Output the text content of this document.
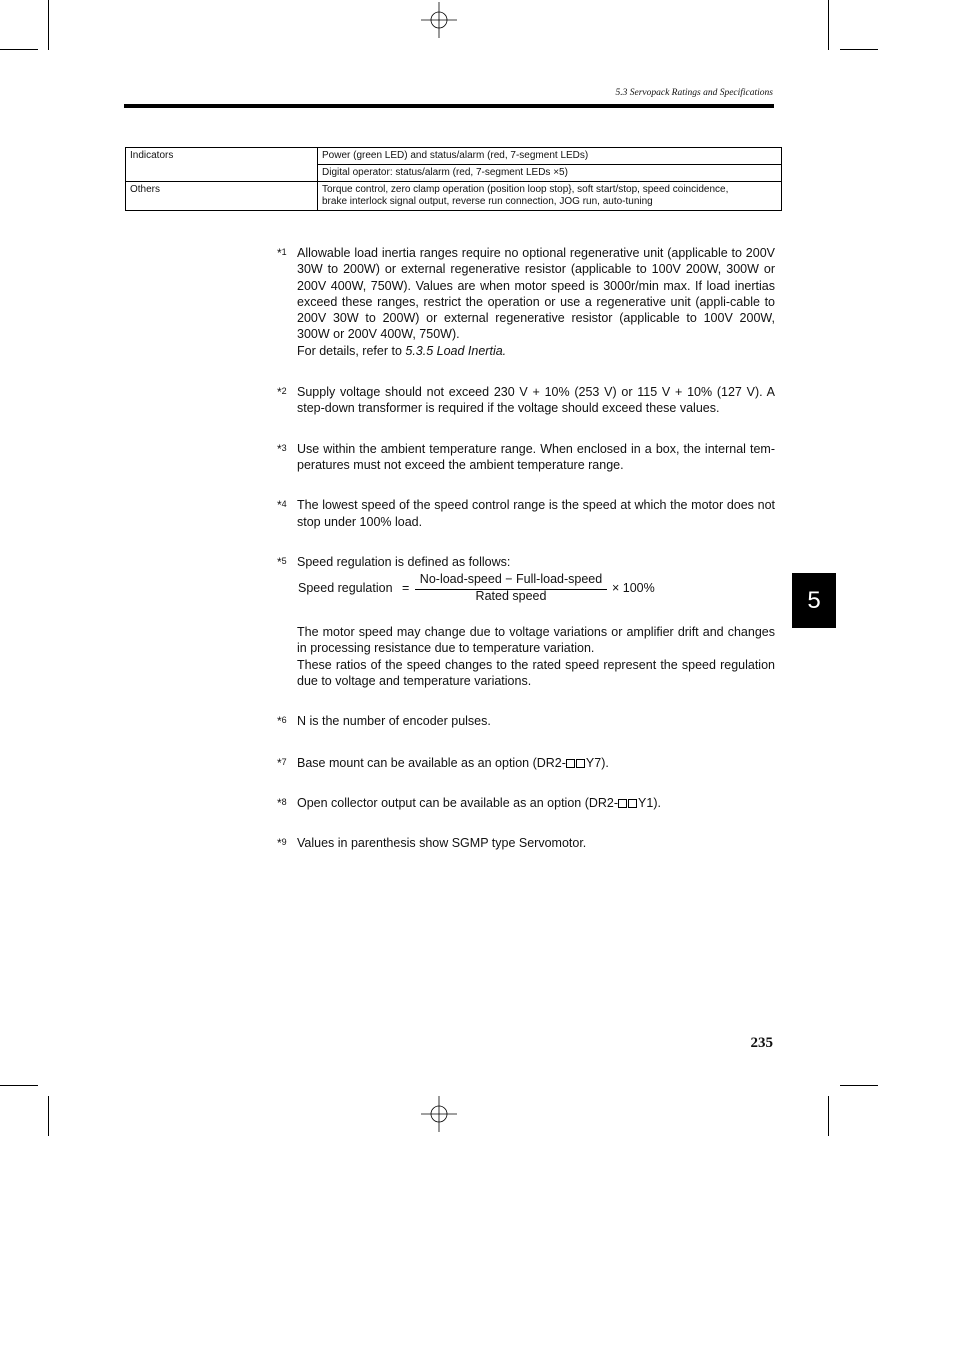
5.3 Servopack Ratings and Specifications
Indicators	Power (green LED) and status/alarm (red, 7-segment LEDs)
	Digital operator: status/alarm (red, 7-segment LEDs ×5)
Others	Torque control, zero clamp operation (position loop stop}, soft start/stop, speed coincidence,
brake interlock signal output, reverse run connection, JOG run, auto-tuning
*$^1$ Allowable load inertia ranges require no optional regenerative unit (applicable to 200V 30W to 200W) or external regenerative resistor (applicable to 100V 200W, 300W or 200V 400W, 750W). Values are when motor speed is 3000r/min max. If load inertias exceed these ranges, restrict the operation or use a regenerative unit (appli-cable to 200V 30W to 200W) or external regenerative resistor (applicable to 100V 200W, 300W or 200V 400W, 750W).
For details, refer to 5.3.5 Load Inertia.
*$^2$ Supply voltage should not exceed 230 V + 10% (253 V) or 115 V + 10% (127 V). A step-down transformer is required if the voltage should exceed these values.
*$^3$ Use within the ambient temperature range. When enclosed in a box, the internal tem-peratures must not exceed the ambient temperature range.
*$^4$ The lowest speed of the speed control range is the speed at which the motor does not stop under 100% load.
*$^5$ Speed regulation is defined as follows:
Speed regulation =
No-load-speed − Full-load-speed
Rated speed
× 100%
The motor speed may change due to voltage variations or amplifier drift and changes in processing resistance due to temperature variation.
These ratios of the speed changes to the rated speed represent the speed regulation due to voltage and temperature variations.
*$^6$ N is the number of encoder pulses.
*$^7$ Base mount can be available as an option (DR2- Y7).
*$^8$ Open collector output can be available as an option (DR2- Y1).
*$^9$ Values in parenthesis show SGMP type Servomotor.
5
235
